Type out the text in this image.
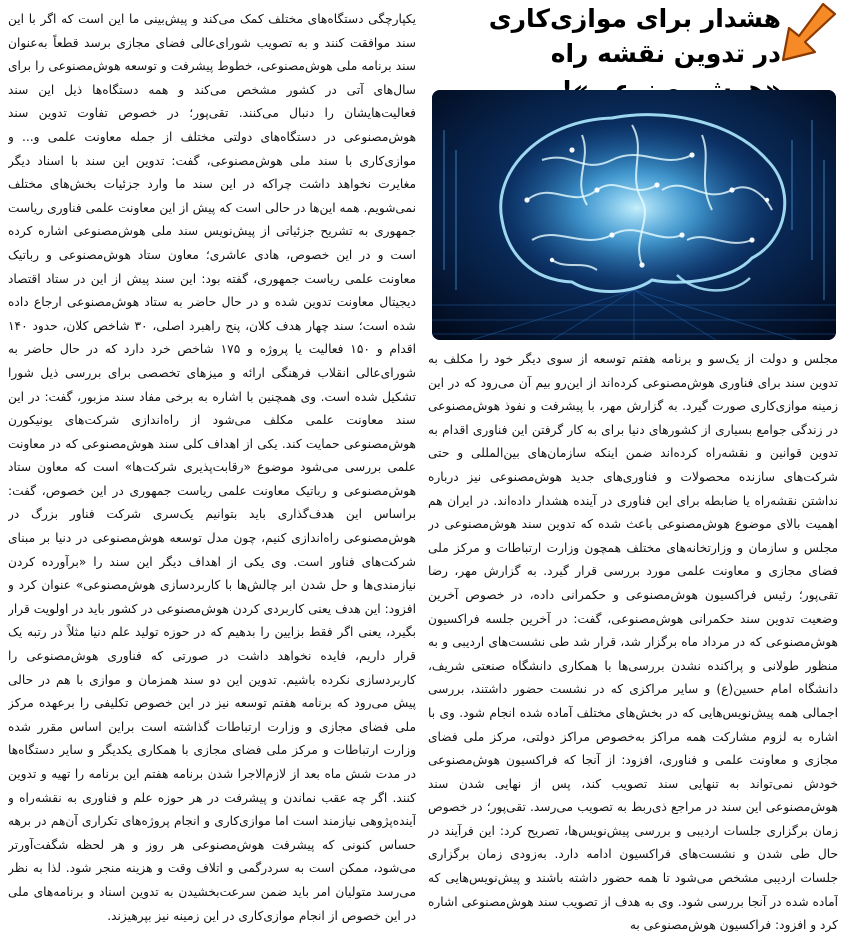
هشدار برای موازی‌کاری
در تدوین نقشه راه

مجلس و دولت از یک‌سو و برنامه هفتم توسعه از سوی دیگر خود را مکلف به تدوین سند برای فناوری هوش‌مصنوعی کرده‌اند از این‌رو بیم آن می‌رود که در این زمینه موازی‌کاری صورت گیرد. به گزارش مهر، با پیشرفت و نفوذ هوش‌مصنوعی در زندگی جوامع بسیاری از کشورهای دنیا برای به کار گرفتن این فناوری اقدام به تدوین قوانین و نقشه‌راه کرده‌اند ضمن اینکه سازمان‌های بین‌المللی و حتی شرکت‌های سازنده محصولات و فناوری‌های جدید هوش‌مصنوعی نیز درباره نداشتن نقشه‌راه یا ضابطه برای این فناوری در آینده هشدار داده‌اند. در ایران هم اهمیت بالای موضوع هوش‌مصنوعی باعث شده که تدوین سند هوش‌مصنوعی در مجلس و سازمان و وزارتخانه‌های مختلف همچون وزارت ارتباطات و مرکز ملی فضای مجازی و معاونت علمی مورد بررسی قرار گیرد. به گزارش مهر، رضا تقی‌پور؛ رئیس فراکسیون هوش‌مصنوعی و حکمرانی داده، در خصوص آخرین وضعیت تدوین سند حکمرانی هوش‌مصنوعی، گفت: در آخرین جلسه فراکسیون هوش‌مصنوعی که در مرداد ماه برگزار شد، قرار شد طی نشست‌های اردیبی و به منظور طولانی و پراکنده نشدن بررسی‌ها با همکاری دانشگاه صنعتی شریف، دانشگاه امام حسین(ع) و سایر مراکزی که در نشست حضور داشتند، بررسی اجمالی همه پیش‌نویس‌هایی که در بخش‌های مختلف آماده شده انجام شود. وی با اشاره به لزوم مشارکت همه مراکز به‌خصوص مراکز دولتی، مرکز ملی فضای مجازی و معاونت علمی و فناوری، افزود: از آنجا که فراکسیون هوش‌مصنوعی خودش نمی‌تواند به تنهایی سند تصویب کند، پس از نهایی شدن سند هوش‌مصنوعی این سند در مراجع ذی‌ربط به تصویب می‌رسد. تقی‌پور؛ در خصوص زمان برگزاری جلسات اردیبی و بررسی پیش‌نویس‌ها، تصریح کرد: این فرآیند در حال طی شدن و نشست‌های فراکسیون ادامه دارد. به‌زودی زمان برگزاری جلسات اردیبی مشخص می‌شود تا همه حضور داشته باشند و پیش‌نویس‌هایی که آماده شده در آنجا بررسی شود. وی به هدف از تصویب سند هوش‌مصنوعی اشاره کرد و افزود: فراکسیون هوش‌مصنوعی به

یکپارچگی دستگاه‌های مختلف کمک می‌کند و پیش‌بینی ما این است که اگر با این سند موافقت کنند و به تصویب شورای‌عالی فضای مجازی برسد قطعاً به‌عنوان سند برنامه ملی هوش‌مصنوعی، خطوط پیشرفت و توسعه هوش‌مصنوعی را برای سال‌های آتی در کشور مشخص می‌کند و همه دستگاه‌ها ذیل این سند فعالیت‌هایشان را دنبال می‌کنند. تقی‌پور؛ در خصوص تفاوت تدوین سند هوش‌مصنوعی در دستگاه‌های دولتی مختلف از جمله معاونت علمی و... و موازی‌کاری با سند ملی هوش‌مصنوعی، گفت: تدوین این سند با اسناد دیگر مغایرت نخواهد داشت چراکه در این سند ما وارد جزئیات بخش‌های مختلف نمی‌شویم. همه این‌ها در حالی است که پیش از این معاونت علمی فناوری ریاست جمهوری به تشریح جزئیاتی از پیش‌نویس سند ملی هوش‌مصنوعی اشاره کرده است و در این خصوص، هادی عاشری؛ معاون ستاد هوش‌مصنوعی و رباتیک معاونت علمی ریاست جمهوری، گفته بود: این سند پیش از این در ستاد اقتصاد دیجیتال معاونت تدوین شده و در حال حاضر به ستاد هوش‌مصنوعی ارجاع داده شده است؛ سند چهار هدف کلان، پنج راهبرد اصلی، ۳۰ شاخص کلان، حدود ۱۴۰ اقدام و ۱۵۰ فعالیت یا پروژه و ۱۷۵ شاخص خرد دارد که در حال حاضر به شورای‌عالی انقلاب فرهنگی ارائه و میزهای تخصصی برای بررسی ذیل شورا تشکیل شده است. وی همچنین با اشاره به برخی مفاد سند مزبور، گفت: در این سند معاونت علمی مکلف می‌شود از راه‌اندازی شرکت‌های یونیکورن هوش‌مصنوعی حمایت کند. یکی از اهداف کلی سند هوش‌مصنوعی که در معاونت علمی بررسی می‌شود موضوع «رقابت‌پذیری شرکت‌ها» است که معاون ستاد هوش‌مصنوعی و رباتیک معاونت علمی ریاست جمهوری در این خصوص، گفت: براساس این هدف‌گذاری باید بتوانیم یک‌سری شرکت فناور بزرگ در هوش‌مصنوعی راه‌اندازی کنیم، چون مدل توسعه هوش‌مصنوعی در دنیا بر مبنای شرکت‌های فناور است. وی یکی از اهداف دیگر این سند را «برآورده کردن نیازمندی‌ها و حل شدن ابر چالش‌ها با کاربردسازی هوش‌مصنوعی» عنوان کرد و افزود: این هدف یعنی کاربردی کردن هوش‌مصنوعی در کشور باید در اولویت قرار بگیرد، یعنی اگر فقط بزایین را بدهیم که در حوزه تولید علم دنیا مثلاً در رتبه یک قرار داریم، فایده نخواهد داشت در صورتی که فناوری هوش‌مصنوعی را کاربردسازی نکرده باشیم. تدوین این دو سند همزمان و موازی با هم در حالی پیش می‌رود که برنامه هفتم توسعه نیز در این خصوص تکلیفی را برعهده مرکز ملی فضای مجازی و وزارت ارتباطات گذاشته است براین اساس مقرر شده وزارت ارتباطات و مرکز ملی فضای مجازی با همکاری یکدیگر و سایر دستگاه‌ها در مدت شش ماه بعد از لازم‌الاجرا شدن برنامه هفتم این برنامه را تهیه و تدوین کنند. اگر چه عقب نماندن و پیشرفت در هر حوزه علم و فناوری به نقشه‌راه و آینده‌پژوهی نیازمند است اما موازی‌کاری و انجام پروژه‌های تکراری آن‌هم در برهه حساس کنونی که پیشرفت هوش‌مصنوعی هر روز و هر لحظه شگفت‌آورتر می‌شود، ممکن است به سردرگمی و اتلاف وقت و هزینه منجر شود. لذا به نظر می‌رسد متولیان امر باید ضمن سرعت‌بخشیدن به تدوین اسناد و برنامه‌های ملی در این خصوص از انجام موازی‌کاری در این زمینه نیز بپرهیزند.
